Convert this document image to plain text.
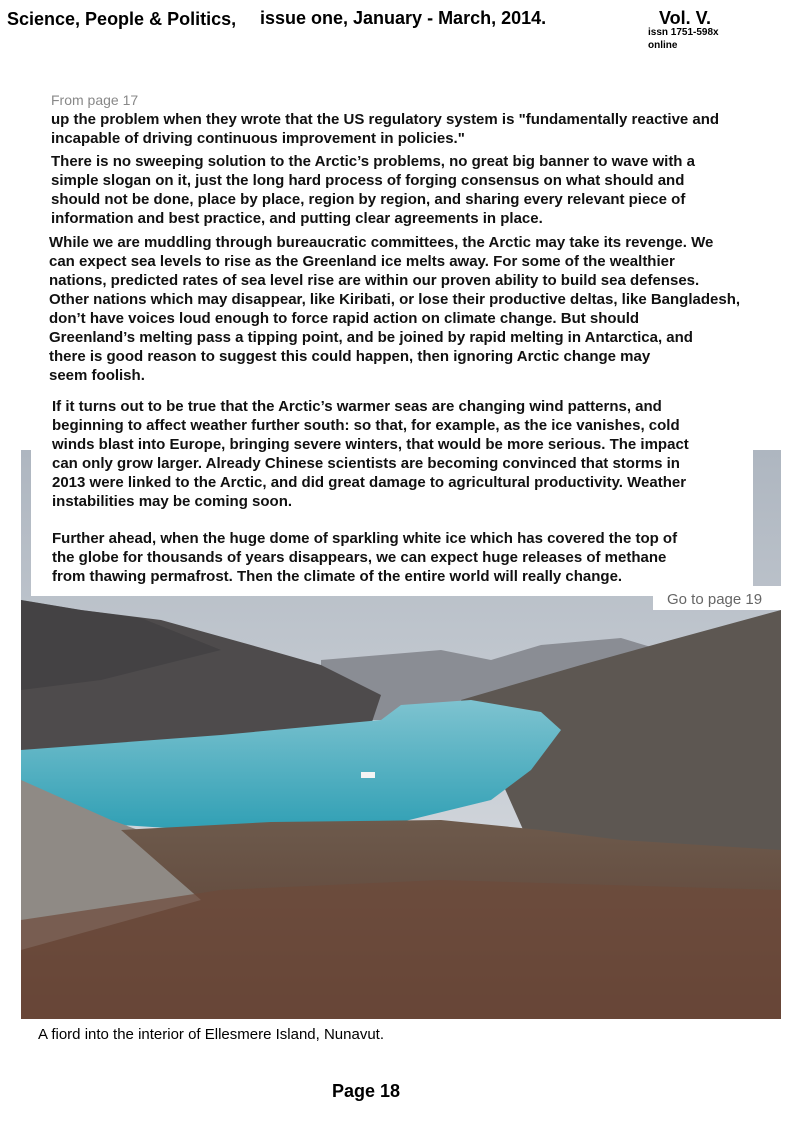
Science, People & Politics, issue one, January - March, 2014.	Vol. V.
issn 1751-598x
online
From page 17
up the problem when they wrote that the US regulatory system is "fundamentally reactive and
incapable of driving continuous improvement in policies."
There is no sweeping solution to the Arctic’s problems, no great big banner to wave with a
simple slogan on it, just the long hard process of forging consensus on what should and
should not be done, place by place, region by region, and sharing every relevant piece of
information and best practice, and putting clear agreements in place.
While we are muddling through bureaucratic committees, the Arctic may take its revenge. We
can expect sea levels to rise as the Greenland ice melts away. For some of the wealthier
nations, predicted rates of sea level rise are within our proven ability to build sea defenses.
Other nations which may disappear, like Kiribati, or lose their productive deltas, like Bangladesh,
don’t have voices loud enough to force rapid action on climate change. But should
Greenland’s melting pass a tipping point, and be joined by rapid melting in Antarctica, and
there is good reason to suggest this could happen, then ignoring Arctic change may
seem foolish.
If it turns out to be true that the Arctic’s warmer seas are changing wind patterns, and
beginning to affect weather further south: so that, for example, as the ice vanishes, cold
winds blast into Europe, bringing severe winters, that would be more serious. The impact
can only grow larger. Already Chinese scientists are becoming convinced that storms in
2013 were linked to the Arctic, and did great damage to agricultural productivity. Weather
instabilities may be coming soon.
Further ahead, when the huge dome of sparkling white ice which has covered the top of
the globe for thousands of years disappears, we can expect huge releases of methane
from thawing permafrost. Then the climate of the entire world will really change.
Go to page 19
A fiord into the interior of Ellesmere Island, Nunavut.
Page 18
